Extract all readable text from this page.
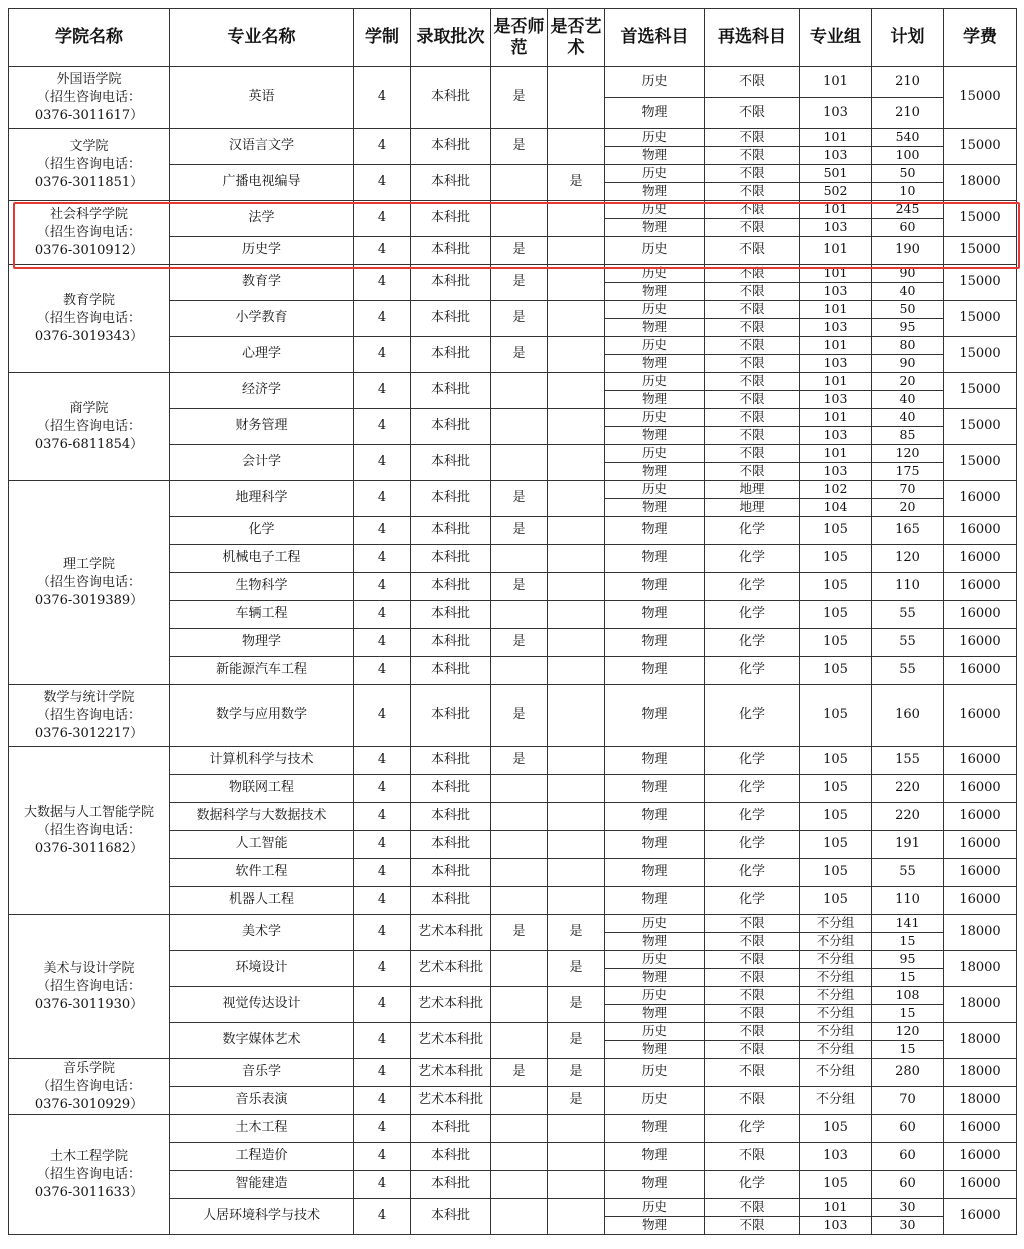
学院名称	专业名称	学制	录取批次	是否师范	是否艺术	首选科目	再选科目	专业组	计划	学费

外国语学院
（招生咨询电话：
0376-3011617）	英语	4	本科批	是		历史	不限	101	210	15000
						物理	不限	103	210	

文学院
（招生咨询电话：
0376-3011851）	汉语言文学	4	本科批	是		历史	不限	101	540	15000
						物理	不限	103	100	
	广播电视编导	4	本科批		是	历史	不限	501	50	18000
						物理	不限	502	10	

社会科学学院
（招生咨询电话：
0376-3010912）	法学	4	本科批			历史	不限	101	245	15000
						物理	不限	103	60	
	历史学	4	本科批	是		历史	不限	101	190	15000

教育学院
（招生咨询电话：
0376-3019343）	教育学	4	本科批	是		历史	不限	101	90	15000
						物理	不限	103	40	
	小学教育	4	本科批	是		历史	不限	101	50	15000
						物理	不限	103	95	
	心理学	4	本科批	是		历史	不限	101	80	15000
						物理	不限	103	90	

商学院
（招生咨询电话：
0376-6811854）	经济学	4	本科批			历史	不限	101	20	15000
						物理	不限	103	40	
	财务管理	4	本科批			历史	不限	101	40	15000
						物理	不限	103	85	
	会计学	4	本科批			历史	不限	101	120	15000
						物理	不限	103	175	

理工学院
（招生咨询电话：
0376-3019389）	地理科学	4	本科批	是		历史	地理	102	70	16000
						物理	地理	104	20	
	化学	4	本科批	是		物理	化学	105	165	16000
	机械电子工程	4	本科批			物理	化学	105	120	16000
	生物科学	4	本科批	是		物理	化学	105	110	16000
	车辆工程	4	本科批			物理	化学	105	55	16000
	物理学	4	本科批	是		物理	化学	105	55	16000
	新能源汽车工程	4	本科批			物理	化学	105	55	16000

数学与统计学院
（招生咨询电话：
0376-3012217）	数学与应用数学	4	本科批	是		物理	化学	105	160	16000

大数据与人工智能学院
（招生咨询电话：
0376-3011682）	计算机科学与技术	4	本科批	是		物理	化学	105	155	16000
	物联网工程	4	本科批			物理	化学	105	220	16000
	数据科学与大数据技术	4	本科批			物理	化学	105	220	16000
	人工智能	4	本科批			物理	化学	105	191	16000
	软件工程	4	本科批			物理	化学	105	55	16000
	机器人工程	4	本科批			物理	化学	105	110	16000

美术与设计学院
（招生咨询电话：
0376-3011930）	美术学	4	艺术本科批	是	是	历史	不限	不分组	141	18000
						物理	不限	不分组	15	
	环境设计	4	艺术本科批		是	历史	不限	不分组	95	18000
						物理	不限	不分组	15	
	视觉传达设计	4	艺术本科批		是	历史	不限	不分组	108	18000
						物理	不限	不分组	15	
	数字媒体艺术	4	艺术本科批		是	历史	不限	不分组	120	18000
						物理	不限	不分组	15	

音乐学院
（招生咨询电话：
0376-3010929）	音乐学	4	艺术本科批	是	是	历史	不限	不分组	280	18000
	音乐表演	4	艺术本科批		是	历史	不限	不分组	70	18000

土木工程学院
（招生咨询电话：
0376-3011633）	土木工程	4	本科批			物理	化学	105	60	16000
	工程造价	4	本科批			物理	不限	103	60	16000
	智能建造	4	本科批			物理	化学	105	60	16000
	人居环境科学与技术	4	本科批			历史	不限	101	30	16000
						物理	不限	103	30	
